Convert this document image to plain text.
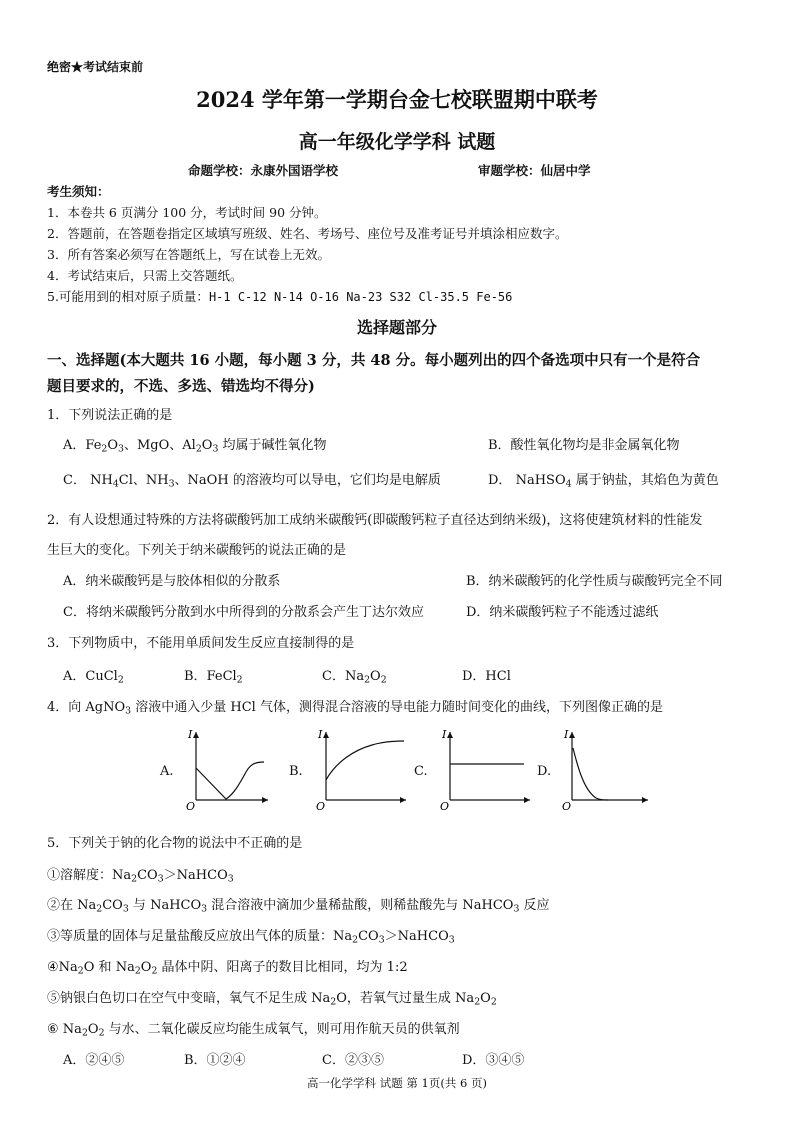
绝密★考试结束前
2024 学年第一学期台金七校联盟期中联考
高一年级化学学科 试题
命题学校：永康外国语学校	审题学校：仙居中学
考生须知：
1．本卷共 6 页满分 100 分，考试时间 90 分钟。
2．答题前，在答题卷指定区域填写班级、姓名、考场号、座位号及准考证号并填涂相应数字。
3．所有答案必须写在答题纸上，写在试卷上无效。
4．考试结束后，只需上交答题纸。
5.可能用到的相对原子质量：H-1 C-12 N-14 O-16 Na-23 S32 Cl-35.5 Fe-56
选择题部分
一、选择题(本大题共 16 小题，每小题 3 分，共 48 分。每小题列出的四个备选项中只有一个是符合
题目要求的，不选、多选、错选均不得分)
1．下列说法正确的是
A．$Fe_2O_3$、MgO、$Al_2O_3$ 均属于碱性氧化物	B．酸性氧化物均是非金属氧化物
C． $NH_4Cl$、$NH_3$、NaOH 的溶液均可以导电，它们均是电解质	D． NaHSO$_4$ 属于钠盐，其焰色为黄色
2．有人设想通过特殊的方法将碳酸钙加工成纳米碳酸钙(即碳酸钙粒子直径达到纳米级)，这将使建筑材料的性能发
生巨大的变化。下列关于纳米碳酸钙的说法正确的是
A．纳米碳酸钙是与胶体相似的分散系	B．纳米碳酸钙的化学性质与碳酸钙完全不同
C．将纳米碳酸钙分散到水中所得到的分散系会产生丁达尔效应	D．纳米碳酸钙粒子不能透过滤纸
3．下列物质中，不能用单质间发生反应直接制得的是
A．CuCl$_2$	B．FeCl$_2$	C．$Na_2O_2$	D．HCl
4．向 AgNO$_3$ 溶液中通入少量 HCl 气体，测得混合溶液的导电能力随时间变化的曲线，下列图像正确的是
A.
I
O
B.
I
O
C.
I
O
D.
I
O
5．下列关于钠的化合物的说法中不正确的是
①溶解度：$Na_2CO_3>NaHCO_3$
②在 $Na_2CO_3$ 与 NaHCO$_3$ 混合溶液中滴加少量稀盐酸，则稀盐酸先与 NaHCO$_3$ 反应
③等质量的固体与足量盐酸反应放出气体的质量：$Na_2CO_3>NaHCO_3$
$④Na_2O$ 和 $Na_2O_2$ 晶体中阴、阳离子的数目比相同，均为 1:2
⑤钠银白色切口在空气中变暗，氧气不足生成 $Na_2O$，若氧气过量生成 $Na_2O_2$
⑥ $Na_2O_2$ 与水、二氧化碳反应均能生成氧气，则可用作航天员的供氧剂
A．②④⑤	B．①②④	C．②③⑤	D．③④⑤
高一化学学科 试题 第 1页(共 6 页)
